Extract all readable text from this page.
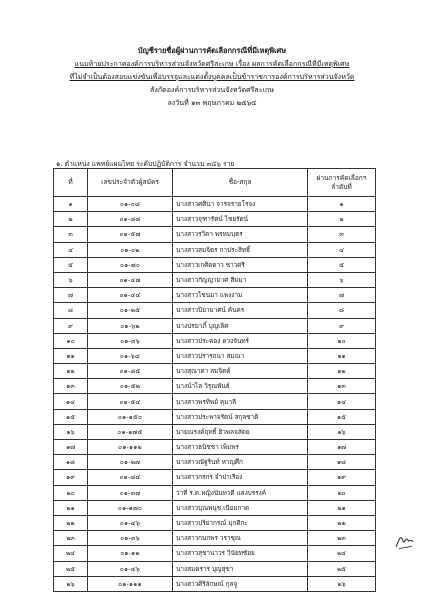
บัญชีรายชื่อผู้ผ่านการคัดเลือกกรณีที่มีเหตุพิเศษ
แนบท้ายประกาศองค์การบริหารส่วนจังหวัดศรีสะเกษ เรื่อง ผลการคัดเลือกกรณีที่มีเหตุพิเศษ
ที่ไม่จำเป็นต้องสอบแข่งขันเพื่อบรรจุและแต่งตั้งบุคคลเป็นข้าราชการองค์การบริหารส่วนจังหวัด
สังกัดองค์การบริหารส่วนจังหวัดศรีสะเกษ
ลงวันที่ ๑๓ พฤษภาคม ๒๕๖๔
๑. ตำแหน่ง แพทย์แผนไทย ระดับปฏิบัติการ จำนวน ๓๔๖ ราย
ที่	เลขประจำตัวผู้สมัคร	ชื่อ-สกุล	ผ่านการคัดเลือกฯ ลำดับที่
๑	๐๑-๐๘	นางสาวศศินา จารจรายโรจง	๑
๒	๐๑-๘๘	นางสาวจุฑารัตน์ ไชยรัตน์	๒
๓	๐๑-๕๗	นางสาวรวิดา พรหมบุตร	๓
๔	๐๑-๐๒	นางสาวสมจิตร กาประสิทธิ์	๔
๕	๐๑-๗๐	นางสาวเกศิดดาว ชาวศรี	๕
๖	๐๑-๔๗	นางสาวกัญญามาศ สีมมา	๖
๗	๐๑-๔๔	นางสาวไชนมา แพงงาม	๗
๘	๐๑-๒๕	นางสาวปิยามาศน์ ค้นคร	๘
๙	๐๑-๖๒	นางปรมาภิ์ บุญเลิศ	๙
๑๐	๐๑-๓๖	นางสาวประคอง ดวงจันทร์	๑๐
๑๑	๐๑-๖๔	นางสาวปรารถนา สมณา	๑๑
๑๒	๐๑-๘๕	นางสุณาดา สมจิตต์	๑๒
๑๓	๐๑-๕๒	นางนำไล วิรุณพันธ์	๑๓
๑๔	๐๑-๕๔	นางสาวพรทิพย์ คุมาลี	๑๔
๑๕	๐๑-๑๕๐	นางสาวประพาจรัตน์ สกุลชาติ	๑๕
๑๖	๐๑-๑๗๕	นายณรงค์ฤทธิ์ ฮิวพลจลัดย	๑๖
๑๗	๐๑-๑๑๒	นางสาวธนิชชา เพ็มพร	๑๗
๑๘	๐๑-๒๗	นางสาวณัฐรินท์ หาญศึก	๑๘
๑๙	๐๑-๘๔	นางสาวกรกร จำปาเรือง	๑๙
๒๐	๐๑-๓๗	ว่าที่ ร.ต.หญิงนันทวดี แสงบรรงค์	๒๐
๒๑	๐๑-๑๗๐	นางสาวบุณพนุช เนียมกาด	๒๑
๒๒	๐๑-๔๖	นางสาวปริยากรณ์ มุกดีกะ	๒๒
๒๓	๐๑-๓๖	นางสาวกนกพร วราชุณ	๒๓
๒๔	๐๑-๑๒	นางสาวสุชานาวร วินัยทชัยย	๒๔
๒๕	๐๑-๔๖	นางสมคราร บุญสุขา	๒๕
๒๖	๐๑-๑๑๑	นางสาวศิริลักษณ์ กุลจู	๒๖
